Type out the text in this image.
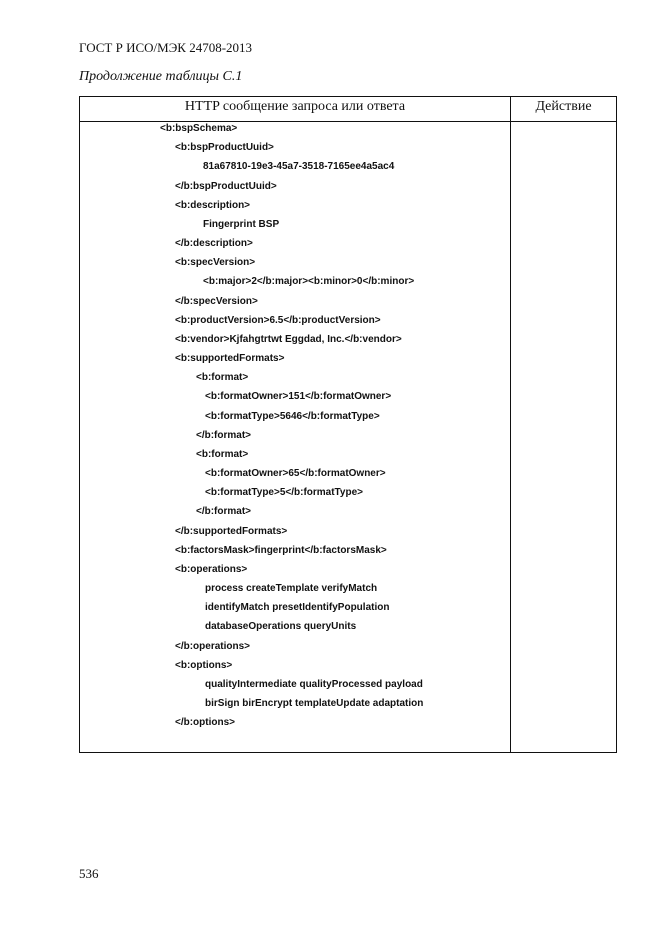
ГОСТ Р ИСО/МЭК 24708-2013
Продолжение таблицы С.1
HTTP сообщение запроса или ответа	Действие
<b:bspSchema>
<b:bspProductUuid>
81a67810-19e3-45a7-3518-7165ee4a5ac4
</b:bspProductUuid>
<b:description>
Fingerprint BSP
</b:description>
<b:specVersion>
<b:major>2</b:major><b:minor>0</b:minor>
</b:specVersion>
<b:productVersion>6.5</b:productVersion>
<b:vendor>Kjfahgtrtwt Eggdad, Inc.</b:vendor>
<b:supportedFormats>
<b:format>
<b:formatOwner>151</b:formatOwner>
<b:formatType>5646</b:formatType>
</b:format>
<b:format>
<b:formatOwner>65</b:formatOwner>
<b:formatType>5</b:formatType>
</b:format>
</b:supportedFormats>
<b:factorsMask>fingerprint</b:factorsMask>
<b:operations>
process createTemplate verifyMatch
identifyMatch presetIdentifyPopulation
databaseOperations queryUnits
</b:operations>
<b:options>
qualityIntermediate qualityProcessed payload
birSign birEncrypt templateUpdate adaptation
</b:options>
536
